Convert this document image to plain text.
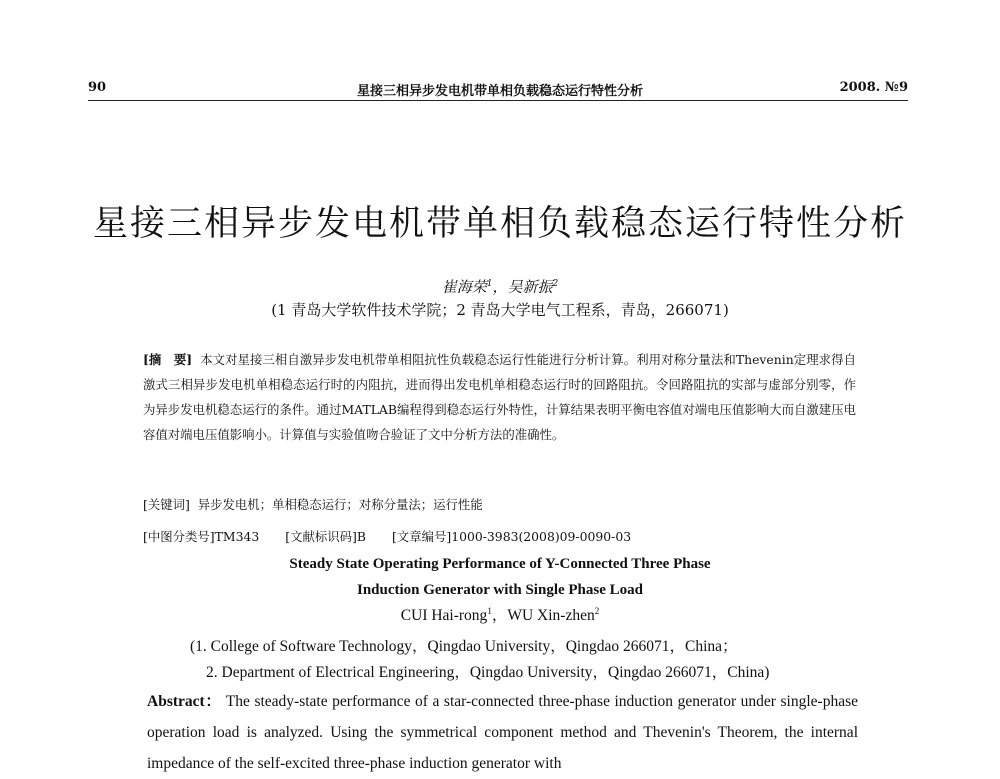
90	星接三相异步发电机带单相负载稳态运行特性分析	2008. №9
星接三相异步发电机带单相负载稳态运行特性分析
崔海荣$^1$，吴新振$^2$
(1 青岛大学软件技术学院；2 青岛大学电气工程系，青岛，266071)
[摘　要] 本文对星接三相自激异步发电机带单相阻抗性负载稳态运行性能进行分析计算。利用对称分量法和Thevenin定理求得自激式三相异步发电机单相稳态运行时的内阻抗，进而得出发电机单相稳态运行时的回路阻抗。令回路阻抗的实部与虚部分别零，作为异步发电机稳态运行的条件。通过MATLAB编程得到稳态运行外特性，计算结果表明平衡电容值对端电压值影响大而自激建压电容值对端电压值影响小。计算值与实验值吻合验证了文中分析方法的准确性。
[关键词] 异步发电机；单相稳态运行；对称分量法；运行性能
[中图分类号]TM343 [文献标识码]B [文章编号]1000-3983(2008)09-0090-03
Steady State Operating Performance of Y-Connected Three Phase
Induction Generator with Single Phase Load
CUI Hai-rong$^1$，WU Xin-zhen$^2$
(1. College of Software Technology，Qingdao University，Qingdao 266071，China；
2. Department of Electrical Engineering，Qingdao University，Qingdao 266071，China)
Abstract： The steady-state performance of a star-connected three-phase induction generator under single-phase operation load is analyzed. Using the symmetrical component method and Thevenin's Theorem, the internal impedance of the self-excited three-phase induction generator with
